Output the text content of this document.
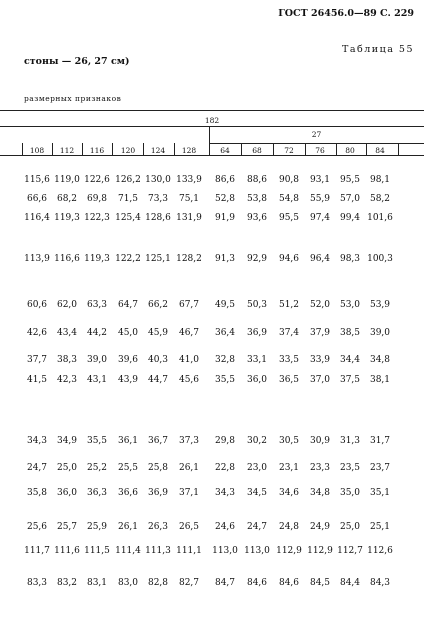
ГОСТ 26456.0—89 С. 229
Таблица 55
стоны — 26, 27 см)
размерных признаков
182
27
108	112	116	120	124	128	64	68	72	76	80	84
115,6 119,0 122,6 126,2 130,0 133,9	86,6	88,6	90,8	93,1	95,5	98,1
66,6	68,2	69,8	71,5	73,3	75,1	52,8	53,8	54,8	55,9	57,0	58,2
116,4 119,3 122,3 125,4 128,6 131,9	91,9	93,6	95,5	97,4	99,4 101,6
113,9 116,6 119,3 122,2 125,1 128,2	91,3	92,9	94,6	96,4	98,3 100,3
60,6	62,0	63,3	64,7	66,2	67,7	49,5	50,3	51,2	52,0	53,0	53,9
42,6	43,4	44,2	45,0	45,9	46,7	36,4	36,9	37,4	37,9	38,5	39,0
37,7	38,3	39,0	39,6	40,3	41,0	32,8	33,1	33,5	33,9	34,4	34,8
41,5	42,3	43,1	43,9	44,7	45,6	35,5	36,0	36,5	37,0	37,5	38,1
34,3	34,9	35,5	36,1	36,7	37,3	29,8	30,2	30,5	30,9	31,3	31,7
24,7	25,0	25,2	25,5	25,8	26,1	22,8	23,0	23,1	23,3	23,5	23,7
35,8	36,0	36,3	36,6	36,9	37,1	34,3	34,5	34,6	34,8	35,0	35,1
25,6	25,7	25,9	26,1	26,3	26,5	24,6	24,7	24,8	24,9	25,0	25,1
111,7 111,6 111,5 111,4 111,3 111,1 113,0 113,0 112,9 112,9 112,7 112,6
83,3	83,2	83,1	83,0	82,8	82,7	84,7	84,6	84,6	84,5	84,4	84,3
